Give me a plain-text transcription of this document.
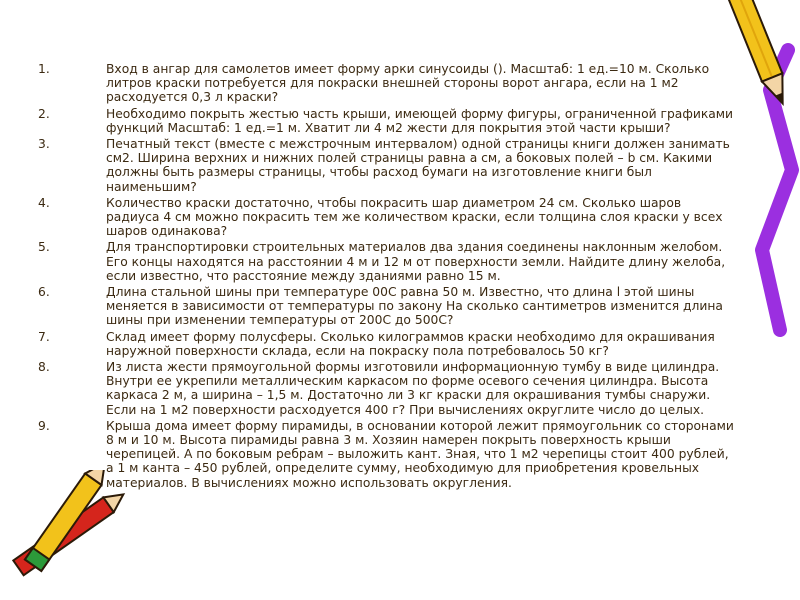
1.	Вход в ангар для самолетов имеет форму арки синусоиды (). Масштаб: 1 ед.=10 м. Сколько литров краски потребуется для покраски внешней стороны ворот ангара, если на 1 м2 расходуется 0,3 л краски?
2.	Необходимо покрыть жестью часть крыши, имеющей форму фигуры, ограниченной графиками функций Масштаб: 1 ед.=1 м. Хватит ли 4 м2 жести для покрытия этой части крыши?
3.	Печатный текст (вместе с межстрочным интервалом) одной страницы книги должен занимать см2. Ширина верхних и нижних полей страницы равна а см, а боковых полей – b см. Какими должны быть размеры страницы, чтобы расход бумаги на изготовление книги был наименьшим?
4.	Количество краски достаточно, чтобы покрасить шар диаметром 24 см. Сколько шаров радиуса 4 см можно покрасить тем же количеством краски, если толщина слоя краски у всех шаров одинакова?
5.	Для транспортировки строительных материалов два здания соединены наклонным желобом. Его концы находятся на расстоянии 4 м и 12 м от поверхности земли. Найдите длину желоба, если известно, что расстояние между зданиями равно 15 м.
6.	Длина стальной шины при температуре 00С равна 50 м. Известно, что длина l этой шины меняется в зависимости от температуры по закону На сколько сантиметров изменится длина шины при изменении температуры от 200С до 500С?
7.	Склад имеет форму полусферы. Сколько килограммов краски необходимо для окрашивания наружной поверхности склада, если на покраску пола потребовалось 50 кг?
8.	Из листа жести прямоугольной формы изготовили информационную тумбу в виде цилиндра. Внутри ее укрепили металлическим каркасом по форме осевого сечения цилиндра. Высота каркаса 2 м, а ширина – 1,5 м. Достаточно ли 3 кг краски для окрашивания тумбы снаружи. Если на 1 м2 поверхности расходуется 400 г? При вычислениях округлите число до целых.
9.	Крыша дома имеет форму пирамиды, в основании которой лежит прямоугольник со сторонами 8 м и 10 м. Высота пирамиды равна 3 м. Хозяин намерен покрыть поверхность крыши черепицей. А по боковым ребрам – выложить кант. Зная, что 1 м2 черепицы стоит 400 рублей, а 1 м канта – 450 рублей, определите сумму, необходимую для приобретения кровельных материалов. В вычислениях можно использовать округления.
